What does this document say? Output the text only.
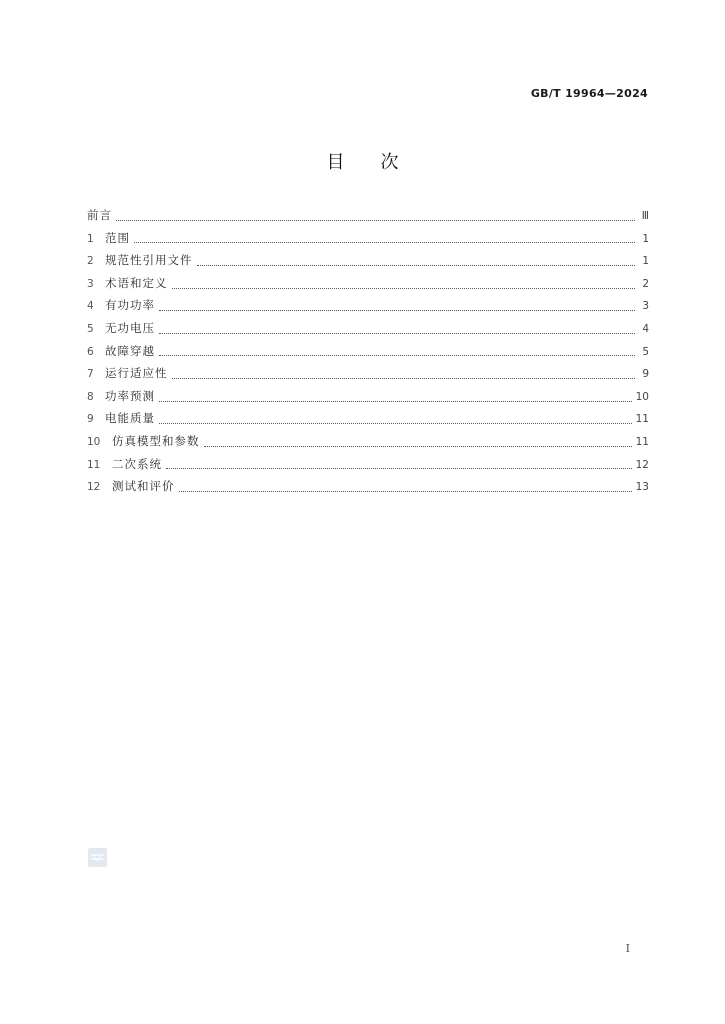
GB/T 19964—2024
目次
前言	Ⅲ
1 范围	1
2 规范性引用文件	1
3 术语和定义	2
4 有功功率	3
5 无功电压	4
6 故障穿越	5
7 运行适应性	9
8 功率预测	10
9 电能质量	11
10	仿真模型和参数	11
11	二次系统	12
12	测试和评价	13
I
